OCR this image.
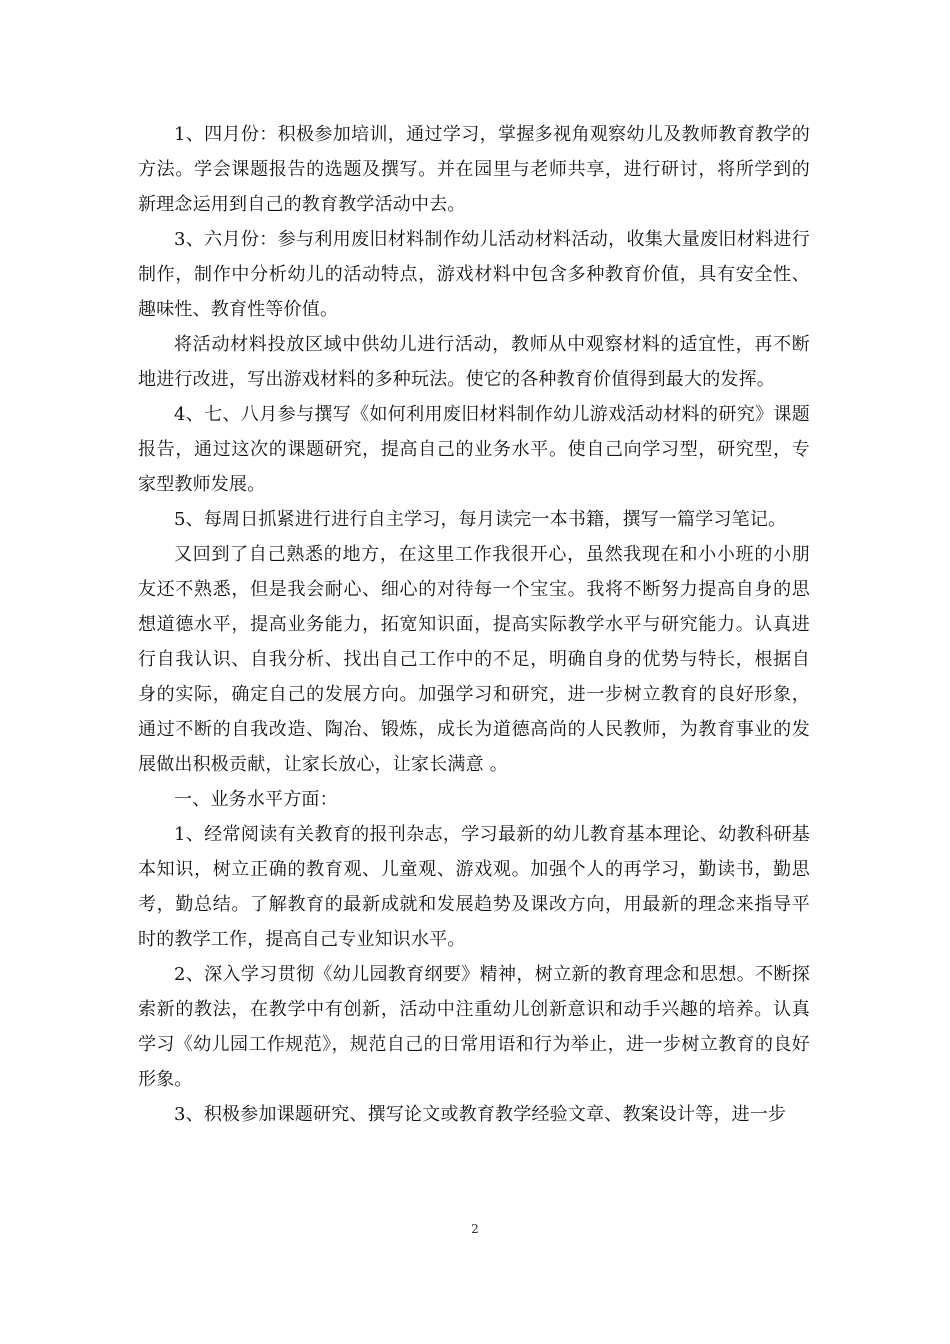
1、四月份：积极参加培训，通过学习，掌握多视角观察幼儿及教师教育教学的方法。学会课题报告的选题及撰写。并在园里与老师共享，进行研讨，将所学到的新理念运用到自己的教育教学活动中去。

3、六月份：参与利用废旧材料制作幼儿活动材料活动，收集大量废旧材料进行制作，制作中分析幼儿的活动特点，游戏材料中包含多种教育价值，具有安全性、趣味性、教育性等价值。

将活动材料投放区域中供幼儿进行活动，教师从中观察材料的适宜性，再不断地进行改进，写出游戏材料的多种玩法。使它的各种教育价值得到最大的发挥。

4、七、八月参与撰写《如何利用废旧材料制作幼儿游戏活动材料的研究》课题报告，通过这次的课题研究，提高自己的业务水平。使自己向学习型，研究型，专家型教师发展。

5、每周日抓紧进行进行自主学习，每月读完一本书籍，撰写一篇学习笔记。

又回到了自己熟悉的地方，在这里工作我很开心，虽然我现在和小小班的小朋友还不熟悉，但是我会耐心、细心的对待每一个宝宝。我将不断努力提高自身的思想道德水平，提高业务能力，拓宽知识面，提高实际教学水平与研究能力。认真进行自我认识、自我分析、找出自己工作中的不足，明确自身的优势与特长，根据自身的实际，确定自己的发展方向。加强学习和研究，进一步树立教育的良好形象，通过不断的自我改造、陶冶、锻炼，成长为道德高尚的人民教师，为教育事业的发展做出积极贡献，让家长放心，让家长满意 。

一、业务水平方面：

1、经常阅读有关教育的报刊杂志，学习最新的幼儿教育基本理论、幼教科研基本知识，树立正确的教育观、儿童观、游戏观。加强个人的再学习，勤读书，勤思考，勤总结。了解教育的最新成就和发展趋势及课改方向，用最新的理念来指导平时的教学工作，提高自己专业知识水平。

2、深入学习贯彻《幼儿园教育纲要》精神，树立新的教育理念和思想。不断探索新的教法，在教学中有创新，活动中注重幼儿创新意识和动手兴趣的培养。认真学习《幼儿园工作规范》，规范自己的日常用语和行为举止，进一步树立教育的良好形象。

3、积极参加课题研究、撰写论文或教育教学经验文章、教案设计等，进一步

2
